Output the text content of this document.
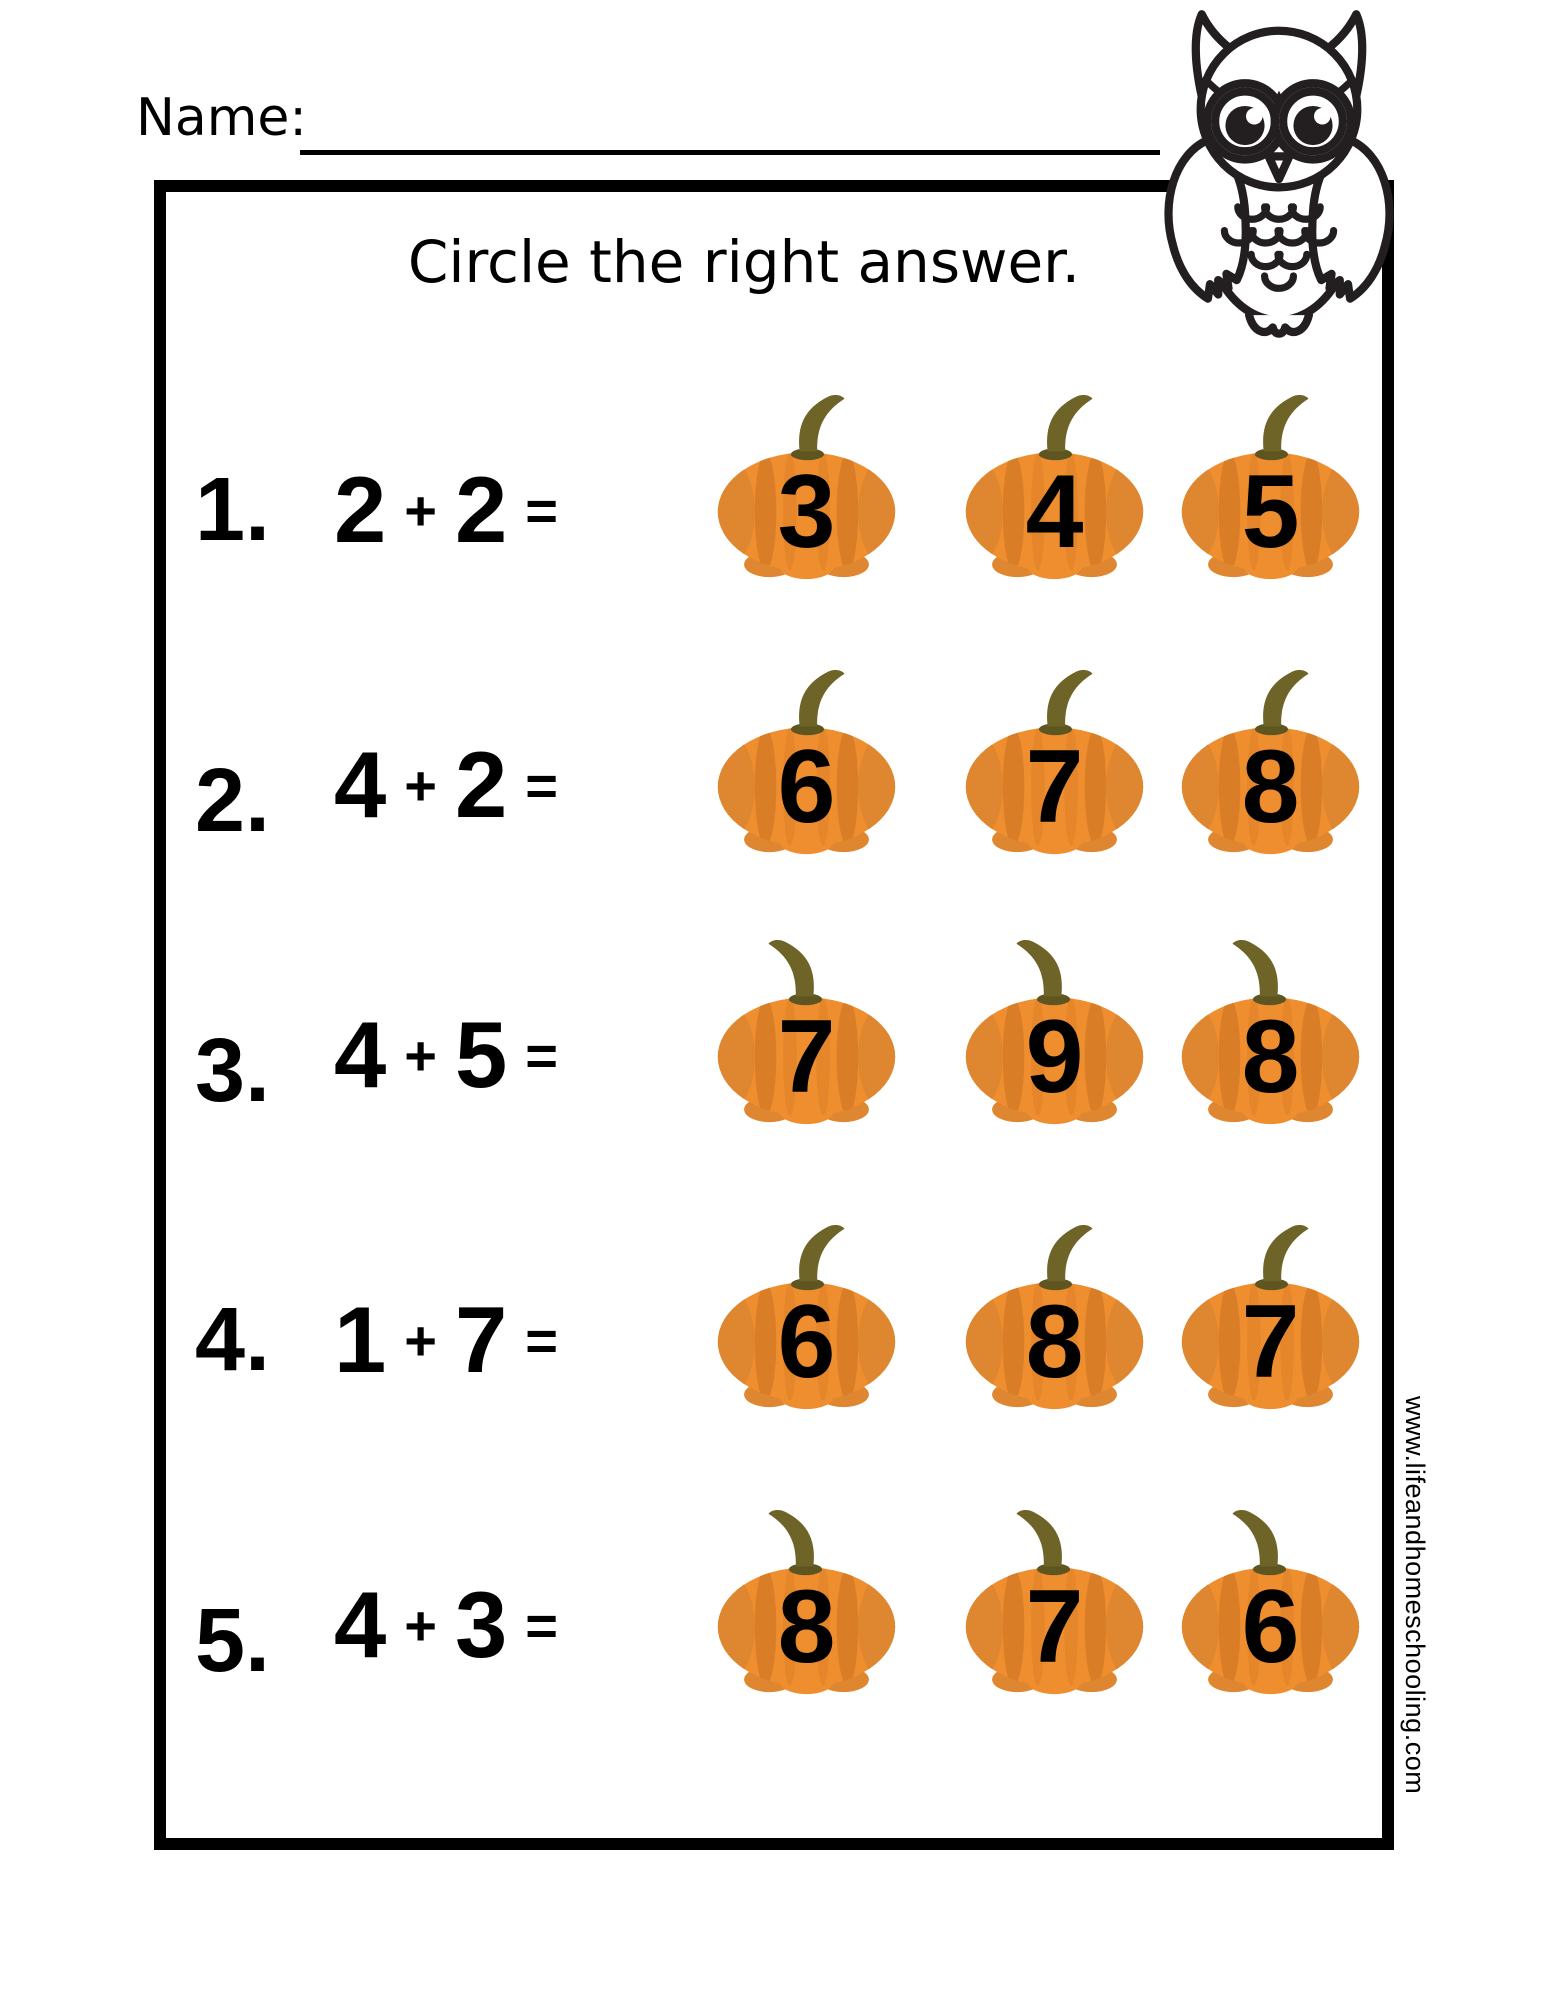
Name:
Circle the right answer.
1. 2 + 2 =	3	4	5
2. 4 + 2 =	6	7	8
3. 4 + 5 =	7	9	8
4. 1 + 7 =	6	8	7
5. 4 + 3 =	8	7	6	www.lifeandhomeschooling.com
